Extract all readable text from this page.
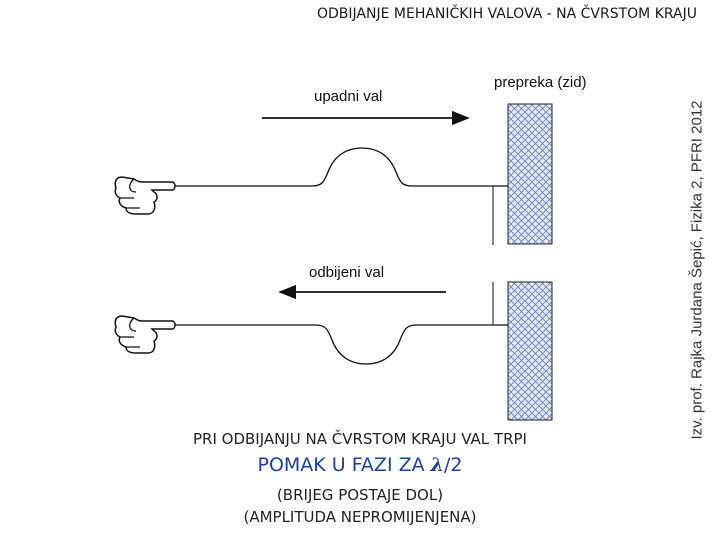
ODBIJANJE MEHANIČKIH VALOVA - NA ČVRSTOM KRAJU
Izv. prof. Rajka Jurdana Šepić, Fizika 2, PFRI 2012
upadni val
prepreka (zid)
odbijeni val
PRI ODBIJANJU NA ČVRSTOM KRAJU VAL TRPI
POMAK U FAZI ZA λ/2
(BRIJEG POSTAJE DOL)
(AMPLITUDA NEPROMIJENJENA)
